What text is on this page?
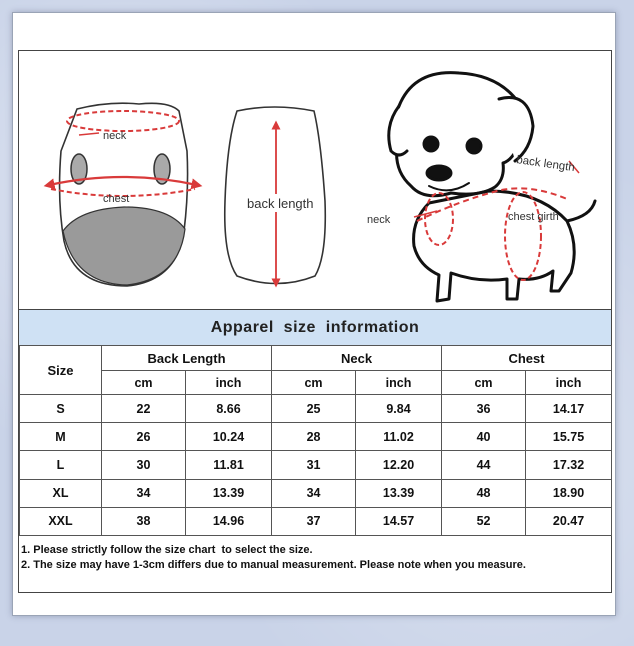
neck
chest	back length
back length
neck	chest girth
Apparel  size  information
Size	Back Length		Neck		Chest	
	cm	inch	cm	inch	cm	inch
S	22	8.66	25	9.84	36	14.17
M	26	10.24	28	11.02	40	15.75
L	30	11.81	31	12.20	44	17.32
XL	34	13.39	34	13.39	48	18.90
XXL	38	14.96	37	14.57	52	20.47
1. Please strictly follow the size chart  to select the size.
2. The size may have 1-3cm differs due to manual measurement. Please note when you measure.
